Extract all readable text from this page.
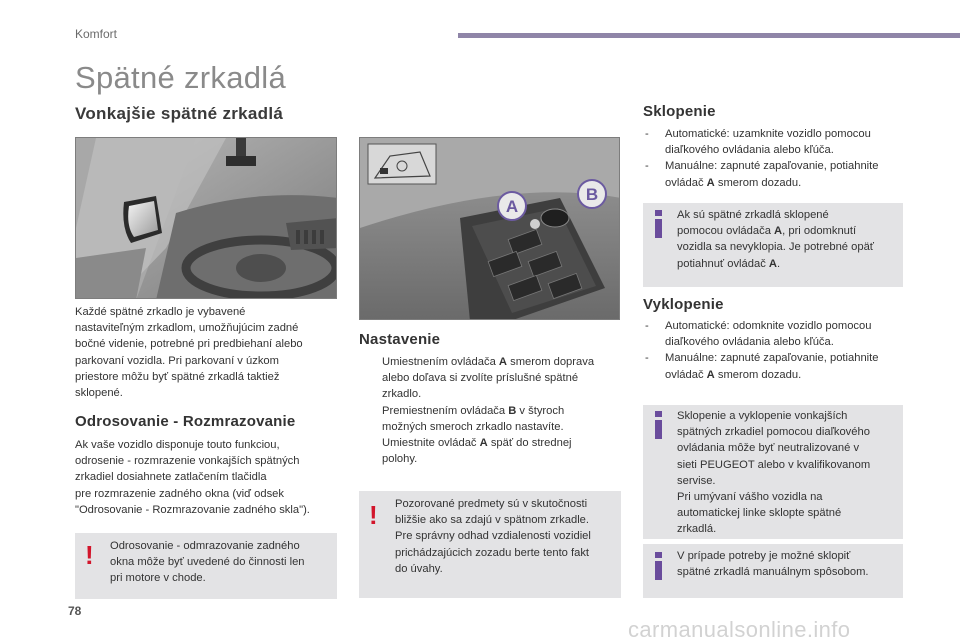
Komfort
Spätné zrkadlá
Vonkajšie spätné zrkadlá
A
B
Každé spätné zrkadlo je vybavené
nastaviteľným zrkadlom, umožňujúcim zadné
bočné videnie, potrebné pri predbiehaní alebo
parkovaní vozidla. Pri parkovaní v úzkom
priestore môžu byť spätné zrkadlá taktiež
sklopené.
Odrosovanie - Rozmrazovanie
Ak vaše vozidlo disponuje touto funkciou,
odrosenie - rozmrazenie vonkajších spätných
zrkadiel dosiahnete zatlačením tlačidla
pre rozmrazenie zadného okna (viď odsek
"Odrosovanie - Rozmrazovanie zadného skla").
! Odrosovanie - odmrazovanie zadného
okna môže byť uvedené do činnosti len
pri motore v chode.
Nastavenie
Umiestnením ovládača A smerom doprava
alebo doľava si zvolíte príslušné spätné
zrkadlo.
Premiestnením ovládača B v štyroch
možných smeroch zrkadlo nastavíte.
Umiestnite ovládač A späť do strednej
polohy.
! Pozorované predmety sú v skutočnosti
bližšie ako sa zdajú v spätnom zrkadle.
Pre správny odhad vzdialenosti vozidiel
prichádzajúcich zozadu berte tento fakt
do úvahy.
Sklopenie
- Automatické: uzamknite vozidlo pomocou
diaľkového ovládania alebo kľúča.
- Manuálne: zapnuté zapaľovanie, potiahnite
ovládač A smerom dozadu.
Ak sú spätné zrkadlá sklopené
pomocou ovládača A, pri odomknutí
vozidla sa nevyklopia. Je potrebné opäť
potiahnuť ovládač A.
Vyklopenie
- Automatické: odomknite vozidlo pomocou
diaľkového ovládania alebo kľúča.
- Manuálne: zapnuté zapaľovanie, potiahnite
ovládač A smerom dozadu.
Sklopenie a vyklopenie vonkajších
spätných zrkadiel pomocou diaľkového
ovládania môže byť neutralizované v
sieti PEUGEOT alebo v kvalifikovanom
servise.
Pri umývaní vášho vozidla na
automatickej linke sklopte spätné
zrkadlá.
V prípade potreby je možné sklopiť
spätné zrkadlá manuálnym spôsobom.
78
carmanualsonline.info
